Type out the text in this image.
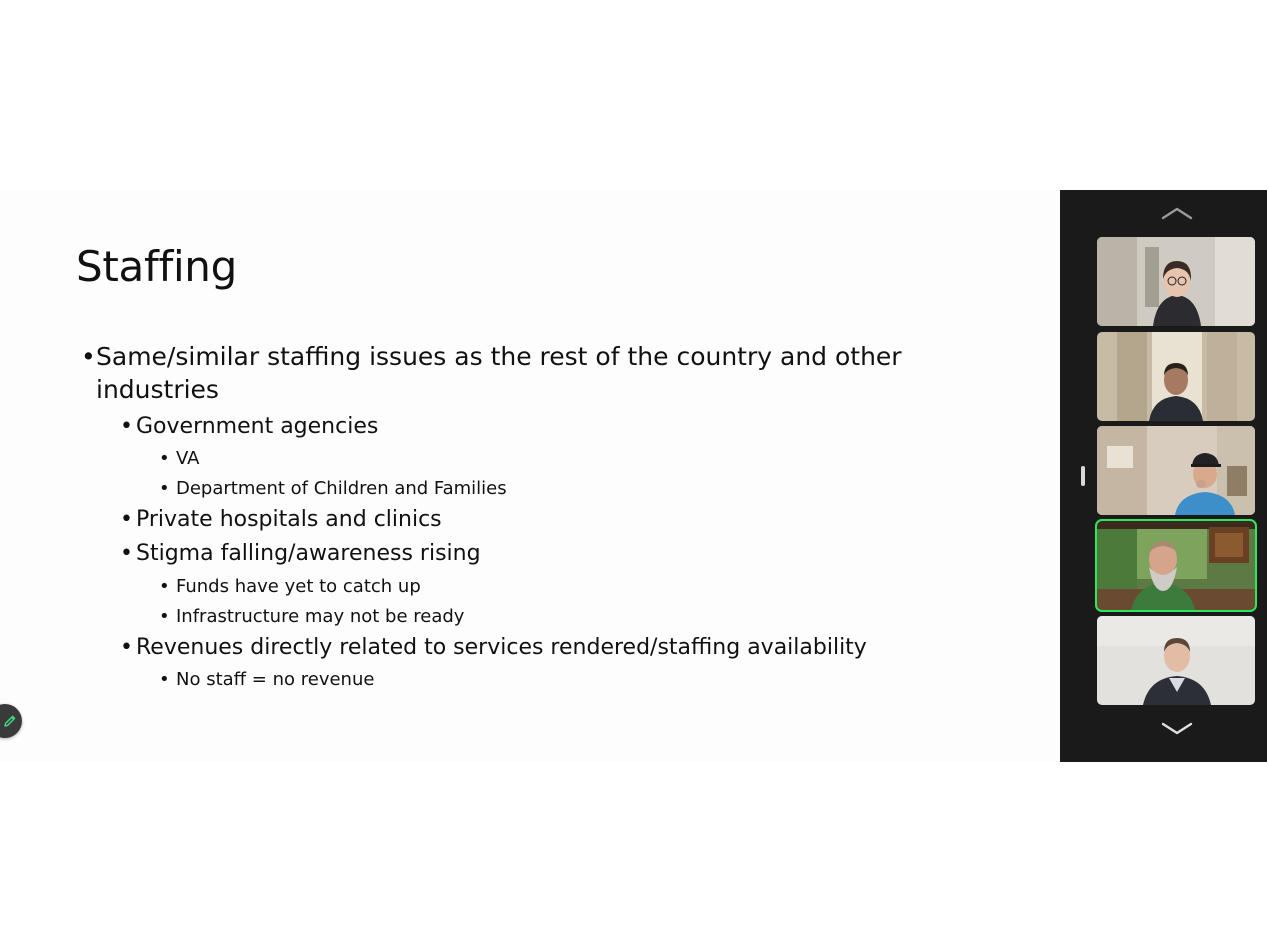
Staffing
• Same/similar staffing issues as the rest of the country and other
industries
• Government agencies
• VA
• Department of Children and Families
• Private hospitals and clinics
• Stigma falling/awareness rising
• Funds have yet to catch up
• Infrastructure may not be ready
• Revenues directly related to services rendered/staffing availability
• No staff = no revenue
